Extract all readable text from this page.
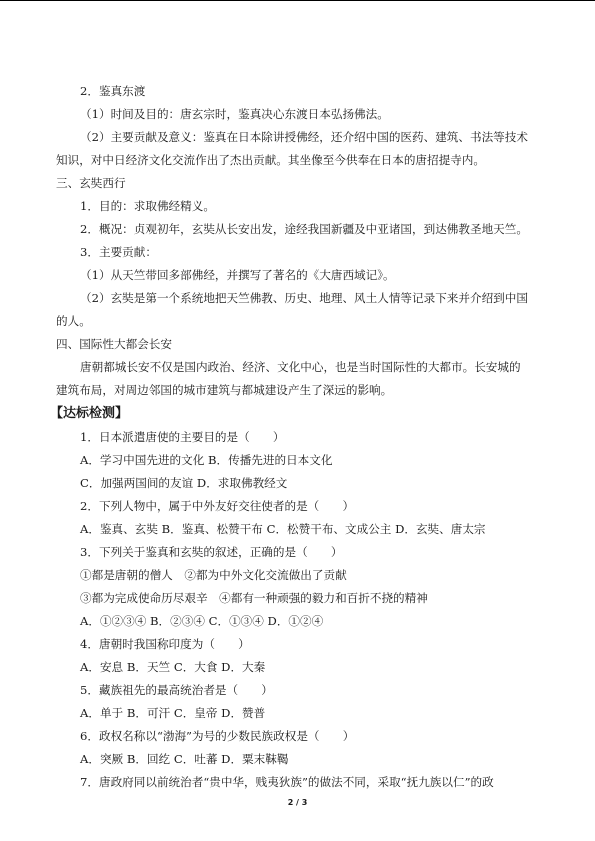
2．鉴真东渡
（1）时间及目的：唐玄宗时，鉴真决心东渡日本弘扬佛法。
（2）主要贡献及意义：鉴真在日本除讲授佛经，还介绍中国的医药、建筑、书法等技术
知识，对中日经济文化交流作出了杰出贡献。其坐像至今供奉在日本的唐招提寺内。
三、玄奘西行
1．目的：求取佛经精义。
2．概况：贞观初年，玄奘从长安出发，途经我国新疆及中亚诸国，到达佛教圣地天竺。
3．主要贡献：
（1）从天竺带回多部佛经，并撰写了著名的《大唐西域记》。
（2）玄奘是第一个系统地把天竺佛教、历史、地理、风土人情等记录下来并介绍到中国
的人。
四、国际性大都会长安
唐朝都城长安不仅是国内政治、经济、文化中心，也是当时国际性的大都市。长安城的
建筑布局，对周边邻国的城市建筑与都城建设产生了深远的影响。
【达标检测】
1．日本派遣唐使的主要目的是（　　）
A．学习中国先进的文化 B．传播先进的日本文化
C．加强两国间的友谊 D．求取佛教经文
2．下列人物中，属于中外友好交往使者的是（　　）
A．鉴真、玄奘 B．鉴真、松赞干布 C．松赞干布、文成公主 D．玄奘、唐太宗
3．下列关于鉴真和玄奘的叙述，正确的是（　　）
①都是唐朝的僧人　②都为中外文化交流做出了贡献
③都为完成使命历尽艰辛　④都有一种顽强的毅力和百折不挠的精神
A．①②③④ B．②③④ C．①③④ D．①②④
4．唐朝时我国称印度为（　　）
A．安息 B．天竺 C．大食 D．大秦
5．藏族祖先的最高统治者是（　　）
A．单于 B．可汗 C．皇帝 D．赞普
6．政权名称以“渤海”为号的少数民族政权是（　　）
A．突厥 B．回纥 C．吐蕃 D．粟末靺鞨
7．唐政府同以前统治者“贵中华，贱夷狄族”的做法不同，采取“抚九族以仁”的政
2 / 3
